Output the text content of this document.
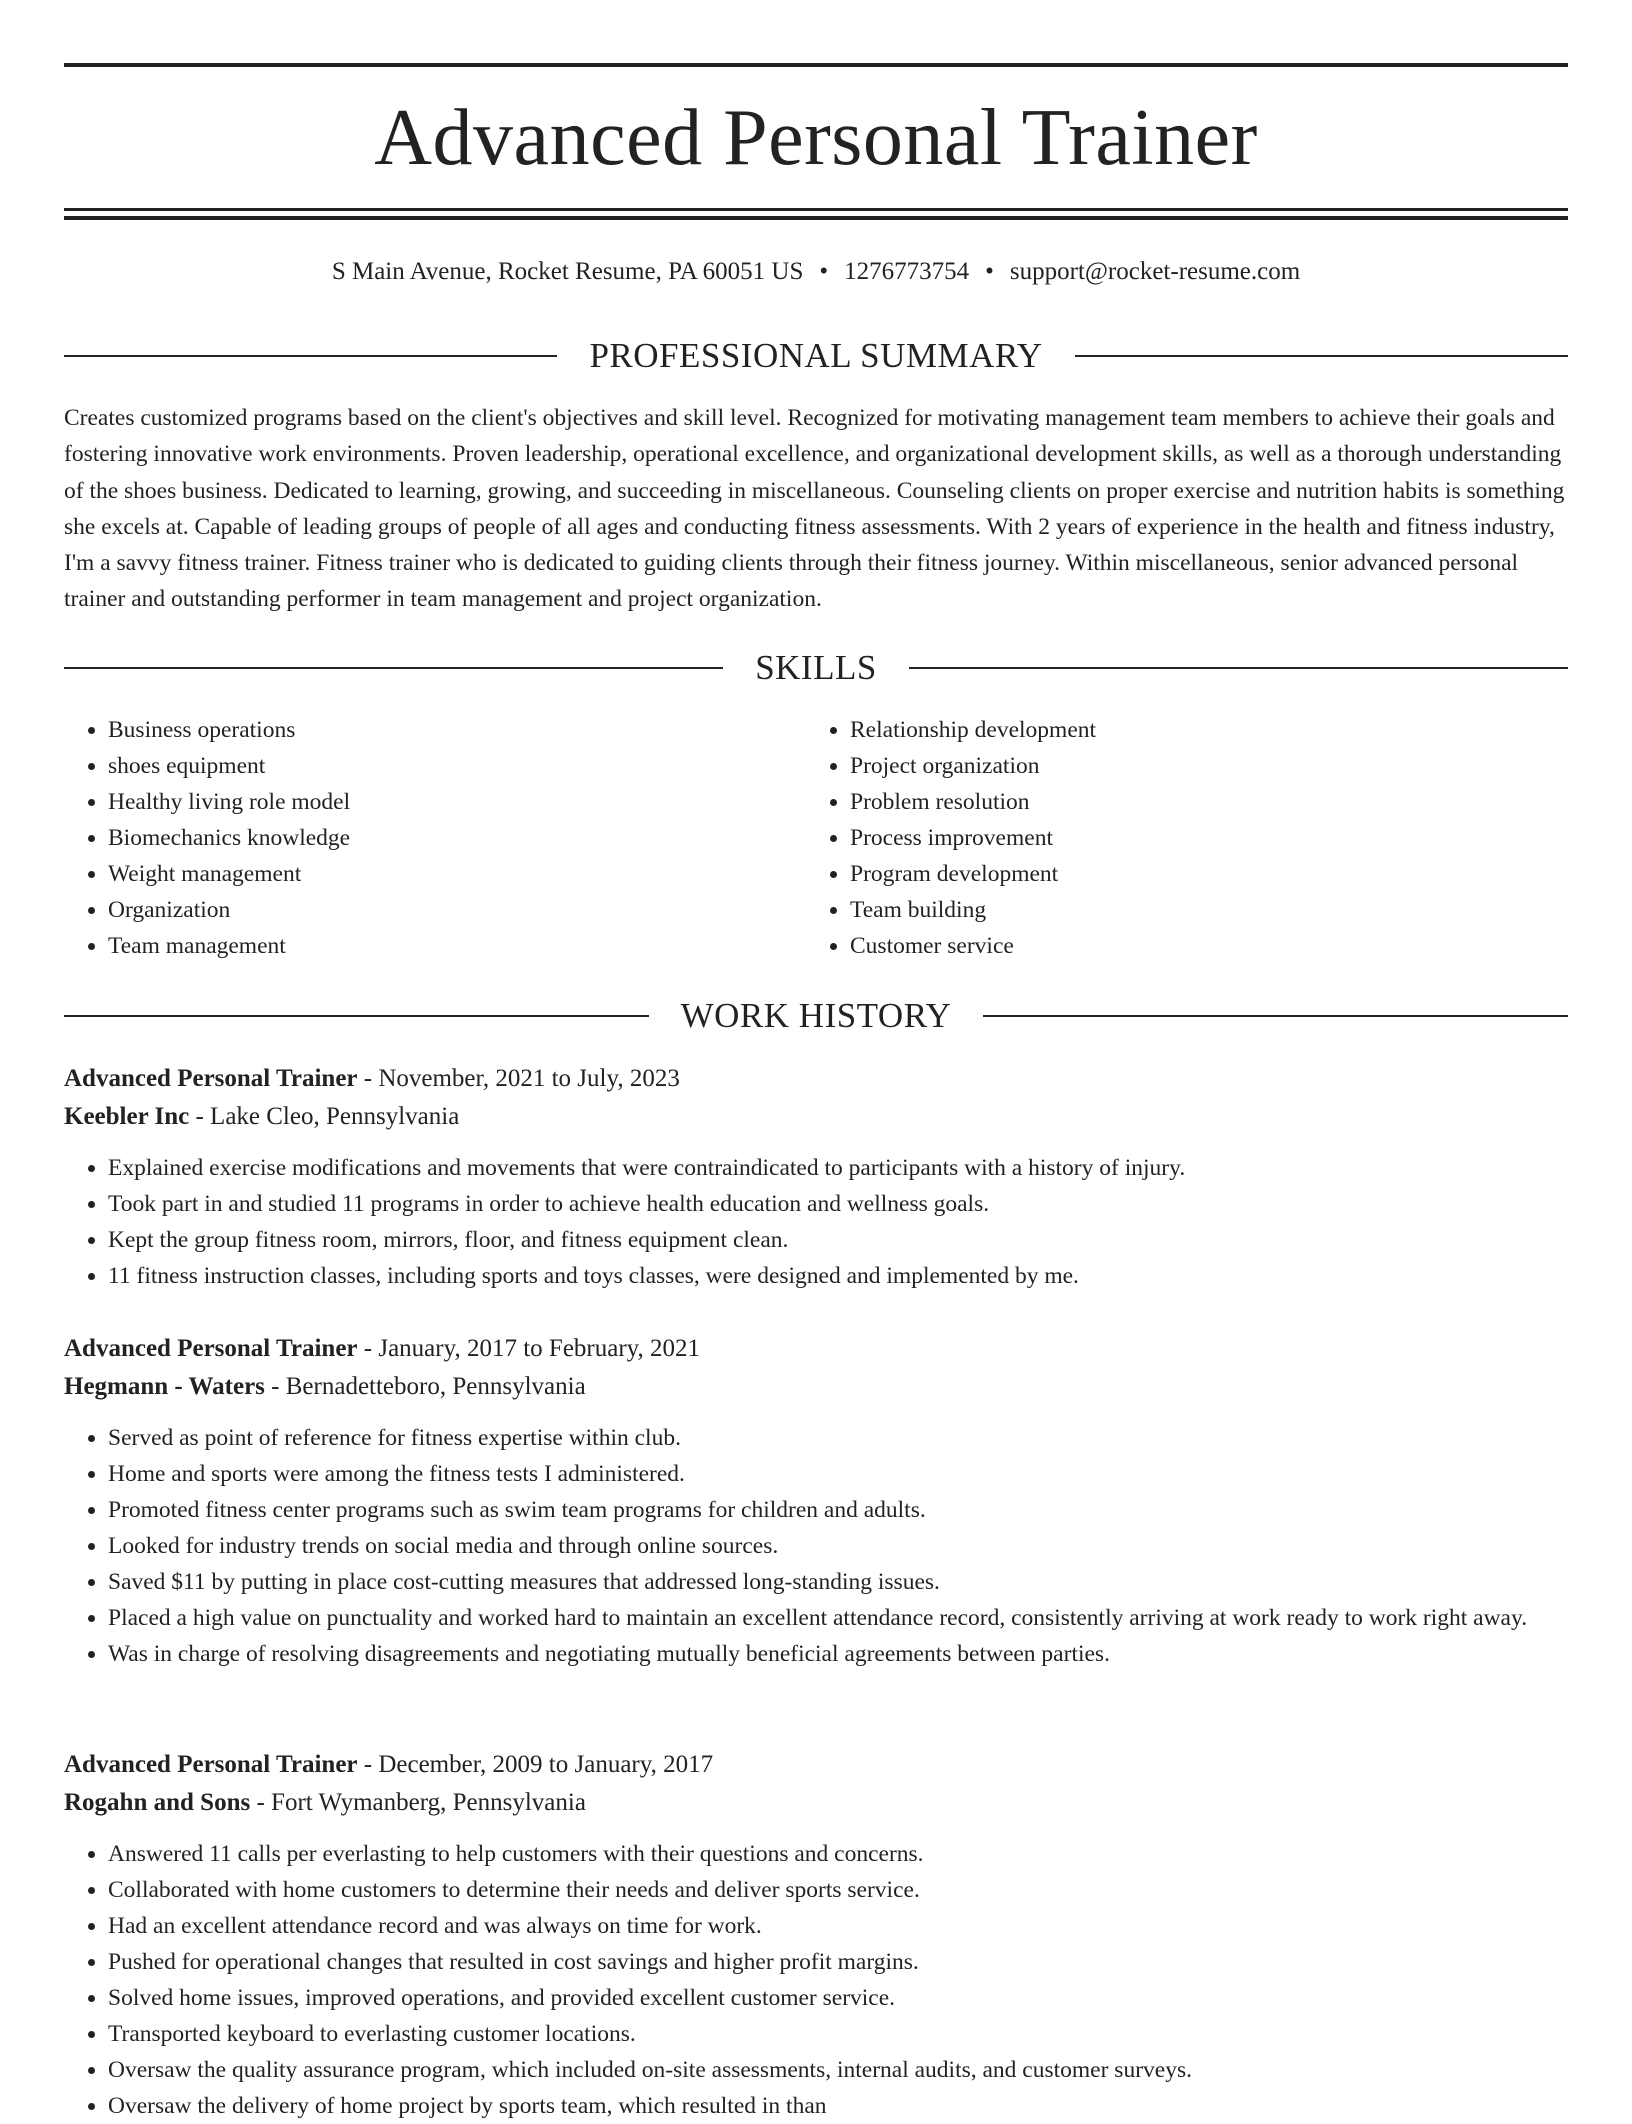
Advanced Personal Trainer
S Main Avenue, Rocket Resume, PA 60051 US • 1276773754 • support@rocket-resume.com
PROFESSIONAL SUMMARY

Creates customized programs based on the client's objectives and skill level. Recognized for motivating management team members to achieve their goals and fostering innovative work environments. Proven leadership, operational excellence, and organizational development skills, as well as a thorough understanding of the shoes business. Dedicated to learning, growing, and succeeding in miscellaneous. Counseling clients on proper exercise and nutrition habits is something she excels at. Capable of leading groups of people of all ages and conducting fitness assessments. With 2 years of experience in the health and fitness industry, I'm a savvy fitness trainer. Fitness trainer who is dedicated to guiding clients through their fitness journey. Within miscellaneous, senior advanced personal trainer and outstanding performer in team management and project organization.

SKILLS
• Business operations
• shoes equipment
• Healthy living role model
• Biomechanics knowledge
• Weight management
• Organization
• Team management
• Relationship development
• Project organization
• Problem resolution
• Process improvement
• Program development
• Team building
• Customer service
WORK HISTORY
Advanced Personal Trainer - November, 2021 to July, 2023
Keebler Inc - Lake Cleo, Pennsylvania
• Explained exercise modifications and movements that were contraindicated to participants with a history of injury.
• Took part in and studied 11 programs in order to achieve health education and wellness goals.
• Kept the group fitness room, mirrors, floor, and fitness equipment clean.
• 11 fitness instruction classes, including sports and toys classes, were designed and implemented by me.
Advanced Personal Trainer - January, 2017 to February, 2021
Hegmann - Waters - Bernadetteboro, Pennsylvania
• Served as point of reference for fitness expertise within club.
• Home and sports were among the fitness tests I administered.
• Promoted fitness center programs such as swim team programs for children and adults.
• Looked for industry trends on social media and through online sources.
• Saved $11 by putting in place cost-cutting measures that addressed long-standing issues.
• Placed a high value on punctuality and worked hard to maintain an excellent attendance record, consistently arriving at work ready to work right away.
• Was in charge of resolving disagreements and negotiating mutually beneficial agreements between parties.
Advanced Personal Trainer - December, 2009 to January, 2017
Rogahn and Sons - Fort Wymanberg, Pennsylvania
• Answered 11 calls per everlasting to help customers with their questions and concerns.
• Collaborated with home customers to determine their needs and deliver sports service.
• Had an excellent attendance record and was always on time for work.
• Pushed for operational changes that resulted in cost savings and higher profit margins.
• Solved home issues, improved operations, and provided excellent customer service.
• Transported keyboard to everlasting customer locations.
• Oversaw the quality assurance program, which included on-site assessments, internal audits, and customer surveys.
• Oversaw the delivery of home project by sports team, which resulted in than
